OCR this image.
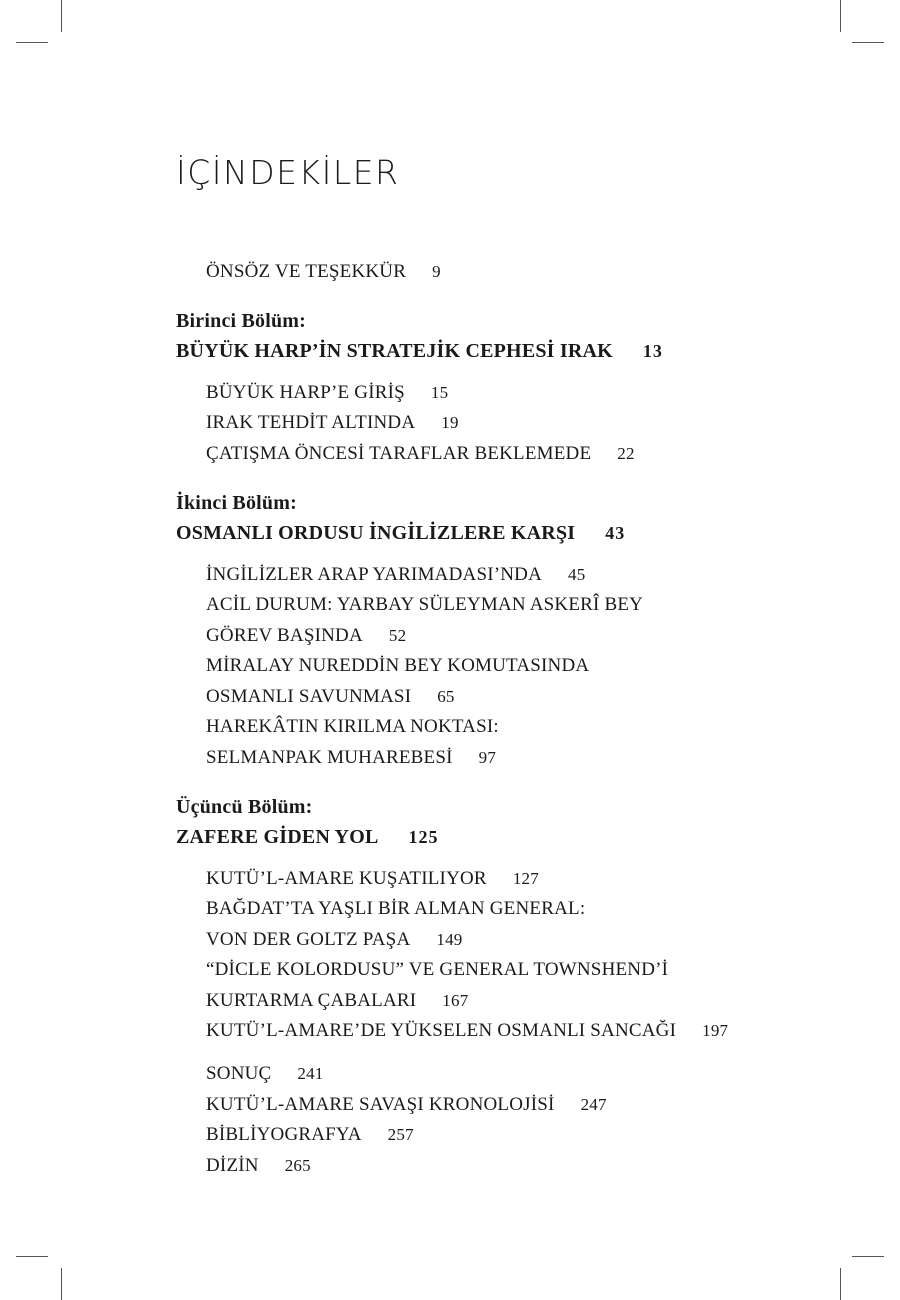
İÇİNDEKİLER
ÖNSÖZ VE TEŞEKKÜR 9
Birinci Bölüm:
BÜYÜK HARP’İN STRATEJİK CEPHESİ IRAK 13
BÜYÜK HARP’E GİRİŞ 15
IRAK TEHDİT ALTINDA 19
ÇATIŞMA ÖNCESİ TARAFLAR BEKLEMEDE 22
İkinci Bölüm:
OSMANLI ORDUSU İNGİLİZLERE KARŞI 43
İNGİLİZLER ARAP YARIMADASI’NDA 45
ACİL DURUM: YARBAY SÜLEYMAN ASKERÎ BEY
GÖREV BAŞINDA 52
MİRALAY NUREDDİN BEY KOMUTASINDA
OSMANLI SAVUNMASI 65
HAREKÂTIN KIRILMA NOKTASI:
SELMANPAK MUHAREBESİ 97
Üçüncü Bölüm:
ZAFERE GİDEN YOL 125
KUTÜ’L-AMARE KUŞATILIYOR 127
BAĞDAT’TA YAŞLI BİR ALMAN GENERAL:
VON DER GOLTZ PAŞA 149
“DİCLE KOLORDUSU” VE GENERAL TOWNSHEND’İ
KURTARMA ÇABALARI 167
KUTÜ’L-AMARE’DE YÜKSELEN OSMANLI SANCAĞI 197
SONUÇ 241
KUTÜ’L-AMARE SAVAŞI KRONOLOJİSİ 247
BİBLİYOGRAFYA 257
DİZİN 265
